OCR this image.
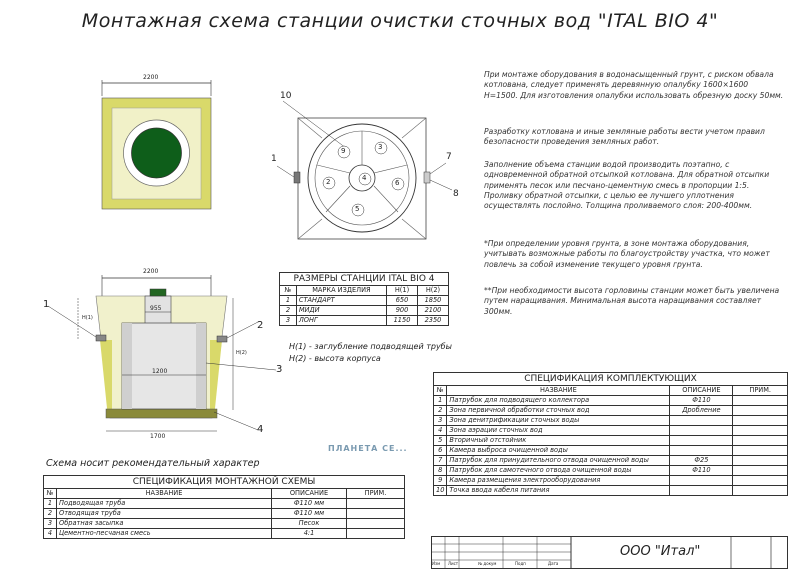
Монтажная схема станции очистки сточных вод "ITAL BIO 4"
При монтаже оборудования в водонасыщенный грунт, с риском обвала котлована, следует применять деревянную опалубку 1600×1600 H=1500. Для изготовления опалубки использовать обрезную доску 50мм.
Разработку котлована и иные земляные работы вести учетом правил безопасности проведения земляных работ.
Заполнение объема станции водой производить поэтапно, с одновременной обратной отсыпкой котлована. Для обратной отсыпки применять песок или песчано-цементную смесь в пропорции 1:5. Проливку обратной отсыпки, с целью ее лучшего уплотнения осуществлять послойно. Толщина проливаемого слоя: 200-400мм.
*При определении уровня грунта, в зоне монтажа оборудования, учитывать возможные работы по благоустройству участка, что может повлечь за собой изменение текущего уровня грунта.
**При необходимости высота горловины станции может быть увеличена путем наращивания. Минимальная высота наращивания составляет 300мм.
2200
2200
955
1200
1700
H(1)
H(2)
1
2
3
4
10
1	7
8
9	3
2	4
6
5
РАЗМЕРЫ СТАНЦИИ ITAL BIO 4			
№	МАРКА ИЗДЕЛИЯ	H(1)	H(2)
1	СТАНДАРТ	650	1850
2	МИДИ	900	2100
3	ЛОНГ	1150	2350
H(1) - заглубление подводящей трубы
H(2) - высота корпуса
Схема носит рекомендательный характер
ПЛАНЕТА СЕ...
СПЕЦИФИКАЦИЯ МОНТАЖНОЙ СХЕМЫ			
№	НАЗВАНИЕ	ОПИСАНИЕ	ПРИМ.
1	Подводящая труба	Ф110 мм	
2	Отводящая труба	Ф110 мм	
3	Обратная засыпка	Песок	
4	Цементно-песчаная смесь	4:1	
СПЕЦИФИКАЦИЯ КОМПЛЕКТУЮЩИХ			
№	НАЗВАНИЕ	ОПИСАНИЕ	ПРИМ.
1	Патрубок для подводящего коллектора	Ф110	
2	Зона первичной обработки сточных вод	Дробление	
3	Зона денитрификации сточных воды		
4	Зона аэрации сточных вод		
5	Вторичный отстойник		
6	Камера выброса очищенной воды		
7	Патрубок для принудительного отвода очищенной воды	Ф25	
8	Патрубок для самотечного отвода очищенной воды	Ф110	
9	Камера размещения электрооборудования		
10	Точка ввода кабеля питания		
Изм Лист	№ докум	Подп	Дата
ООО "Итал"
